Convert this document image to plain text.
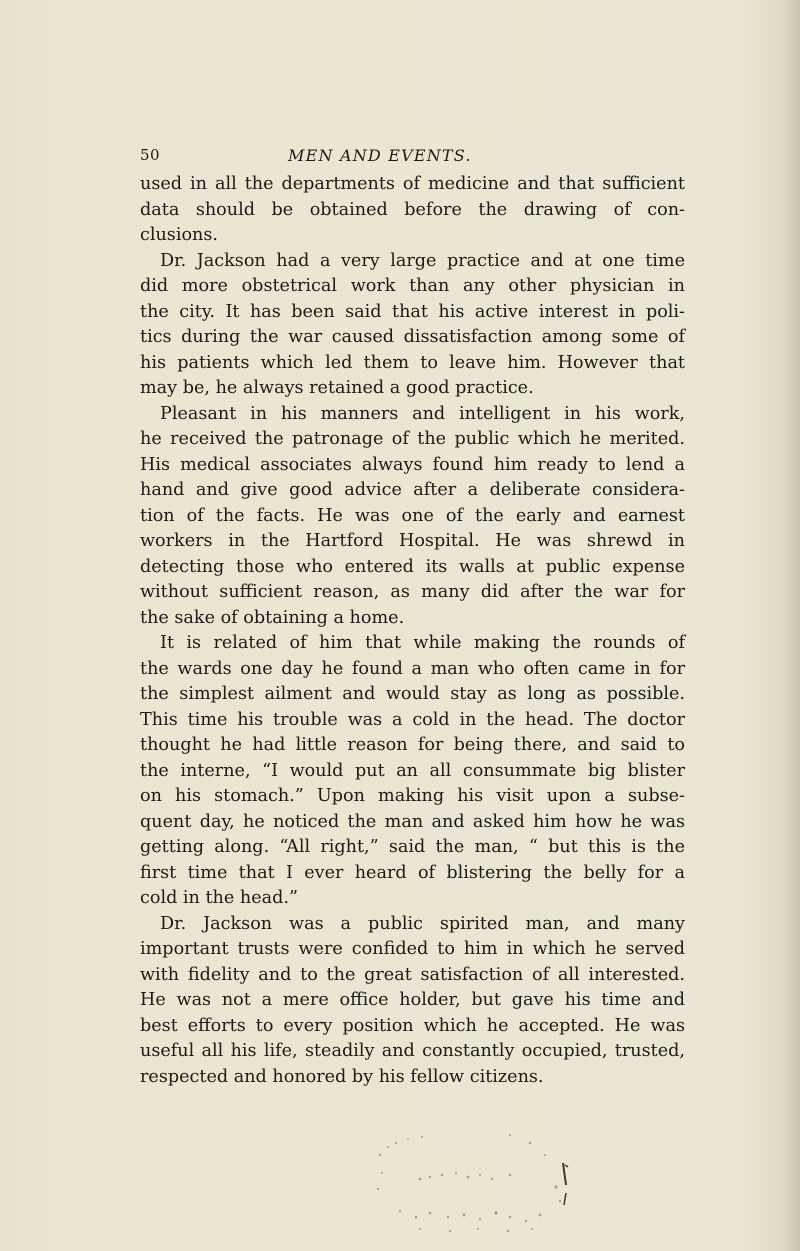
50	MEN AND EVENTS.
used in all the departments of medicine and that sufficient
data should be obtained before the drawing of con-
clusions.
Dr. Jackson had a very large practice and at one time
did more obstetrical work than any other physician in
the city. It has been said that his active interest in poli-
tics during the war caused dissatisfaction among some of
his patients which led them to leave him. However that
may be, he always retained a good practice.
Pleasant in his manners and intelligent in his work,
he received the patronage of the public which he merited.
His medical associates always found him ready to lend a
hand and give good advice after a deliberate considera-
tion of the facts. He was one of the early and earnest
workers in the Hartford Hospital. He was shrewd in
detecting those who entered its walls at public expense
without sufficient reason, as many did after the war for
the sake of obtaining a home.
It is related of him that while making the rounds of
the wards one day he found a man who often came in for
the simplest ailment and would stay as long as possible.
This time his trouble was a cold in the head. The doctor
thought he had little reason for being there, and said to
the interne, “I would put an all consummate big blister
on his stomach.” Upon making his visit upon a subse-
quent day, he noticed the man and asked him how he was
getting along. “All right,” said the man, “ but this is the
first time that I ever heard of blistering the belly for a
cold in the head.”
Dr. Jackson was a public spirited man, and many
important trusts were confided to him in which he served
with fidelity and to the great satisfaction of all interested.
He was not a mere office holder, but gave his time and
best efforts to every position which he accepted. He was
useful all his life, steadily and constantly occupied, trusted,
respected and honored by his fellow citizens.
